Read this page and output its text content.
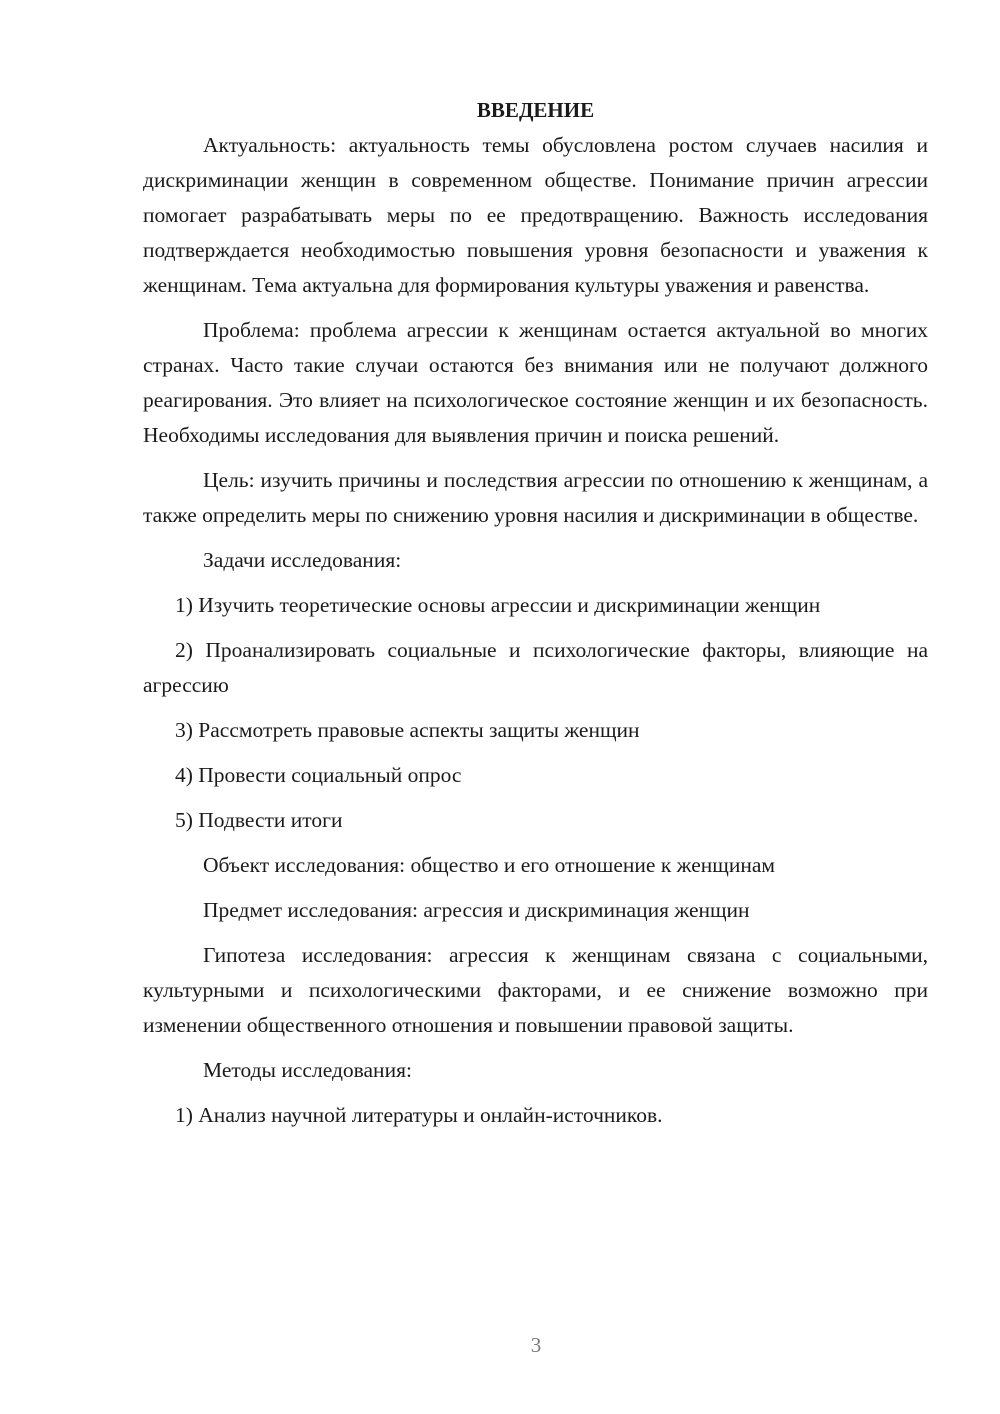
ВВЕДЕНИЕ

Актуальность: актуальность темы обусловлена ростом случаев насилия и дискриминации женщин в современном обществе. Понимание причин агрессии помогает разрабатывать меры по ее предотвращению. Важность исследования подтверждается необходимостью повышения уровня безопасности и уважения к женщинам. Тема актуальна для формирования культуры уважения и равенства.

Проблема: проблема агрессии к женщинам остается актуальной во многих странах. Часто такие случаи остаются без внимания или не получают должного реагирования. Это влияет на психологическое состояние женщин и их безопасность. Необходимы исследования для выявления причин и поиска решений.

Цель: изучить причины и последствия агрессии по отношению к женщинам, а также определить меры по снижению уровня насилия и дискриминации в обществе.

Задачи исследования:

1) Изучить теоретические основы агрессии и дискриминации женщин

2) Проанализировать социальные и психологические факторы, влияющие на агрессию

3) Рассмотреть правовые аспекты защиты женщин

4) Провести социальный опрос

5) Подвести итоги

Объект исследования: общество и его отношение к женщинам

Предмет исследования: агрессия и дискриминация женщин

Гипотеза исследования: агрессия к женщинам связана с социальными, культурными и психологическими факторами, и ее снижение возможно при изменении общественного отношения и повышении правовой защиты.

Методы исследования:

1) Анализ научной литературы и онлайн-источников.

3
